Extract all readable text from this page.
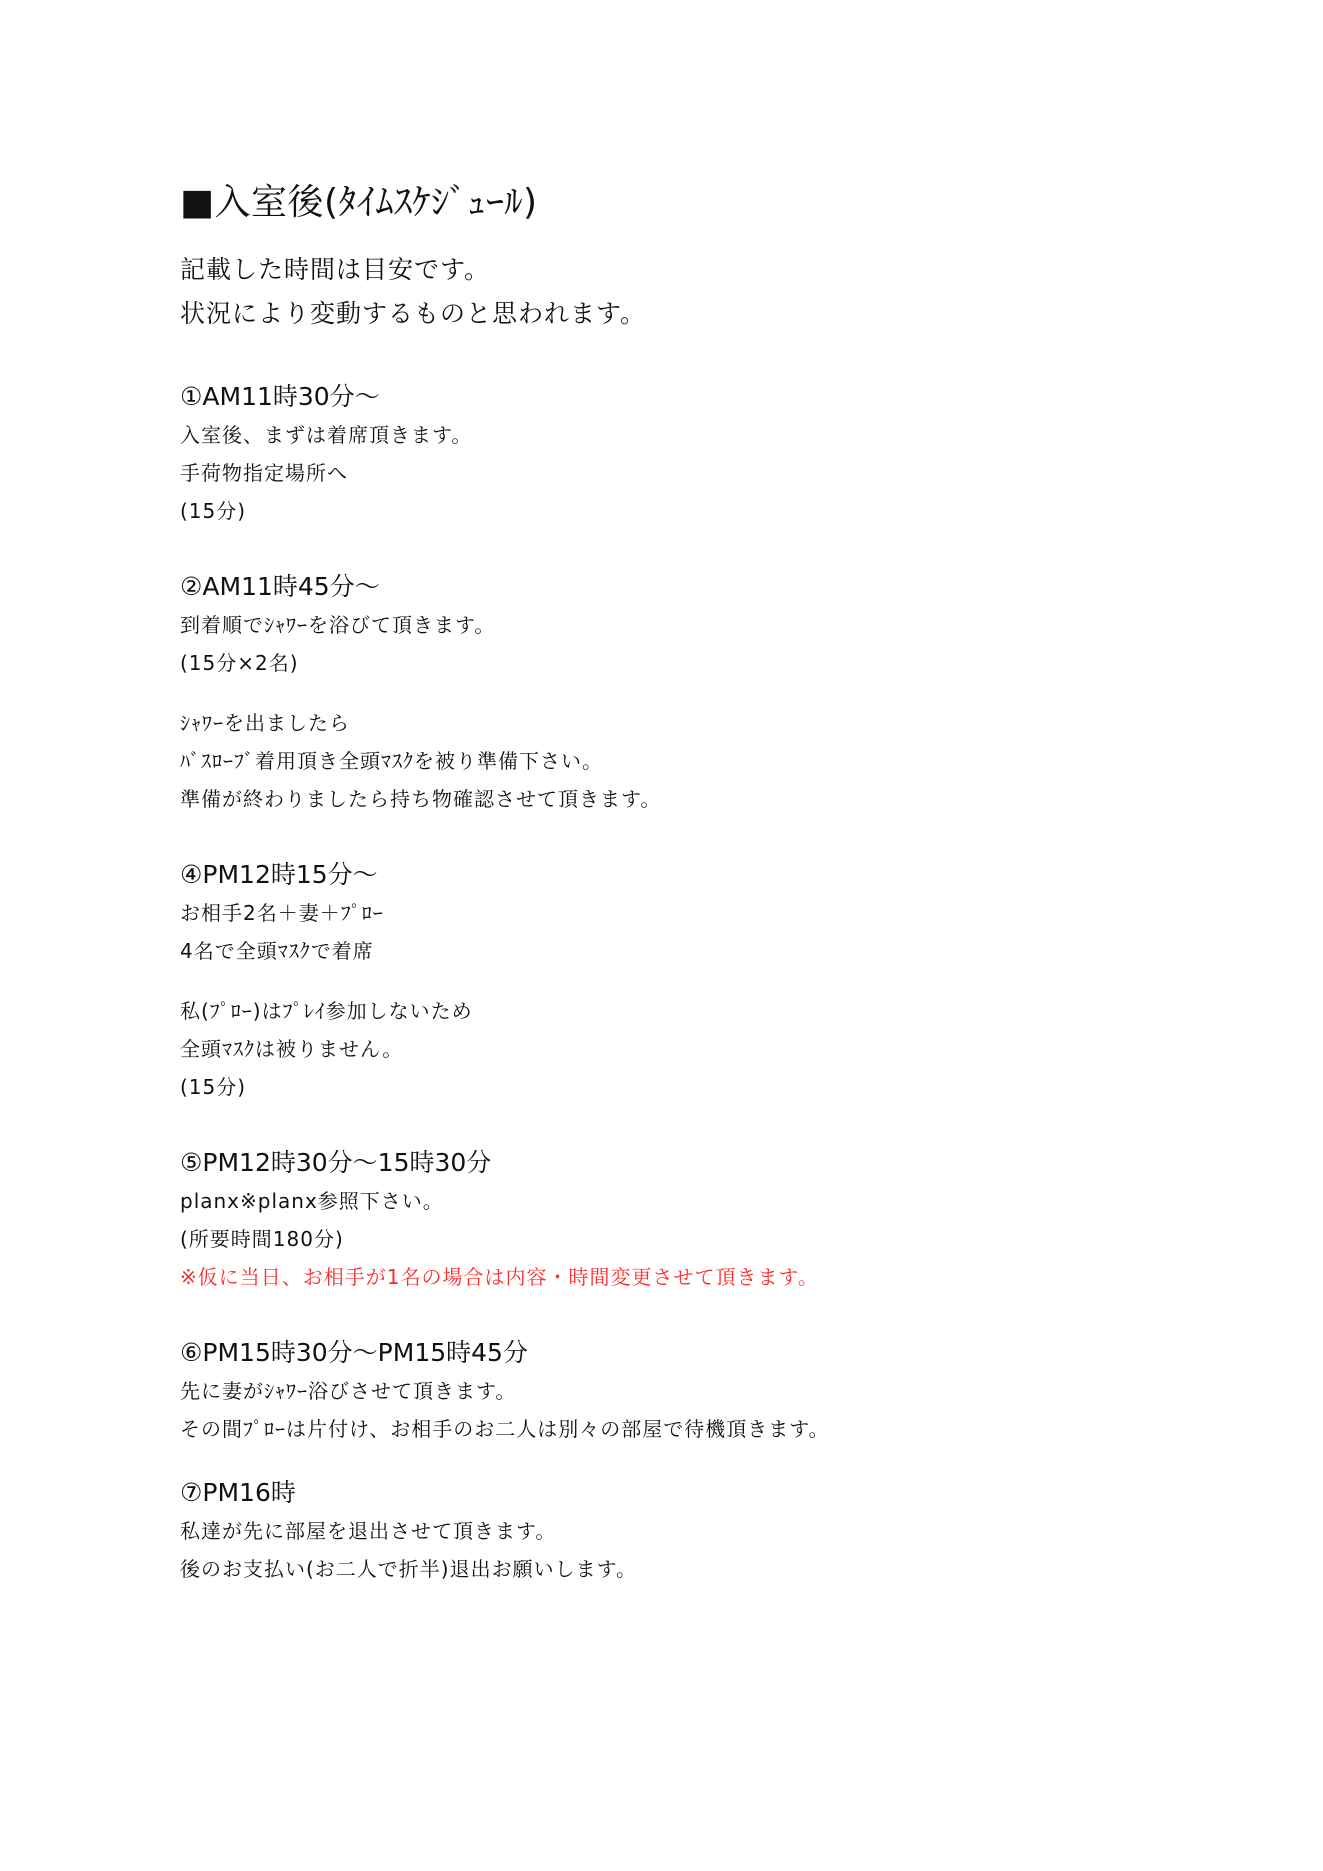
■入室後(ﾀｲﾑｽｹｼﾞｭｰﾙ)

記載した時間は目安です。

状況により変動するものと思われます。

①AM11時30分～

入室後、まずは着席頂きます。

手荷物指定場所へ

(15分)

②AM11時45分～

到着順でｼｬﾜｰを浴びて頂きます。

(15分×2名)

ｼｬﾜｰを出ましたら

ﾊﾞｽﾛｰﾌﾞ着用頂き全頭ﾏｽｸを被り準備下さい。

準備が終わりましたら持ち物確認させて頂きます。

④PM12時15分～

お相手2名＋妻＋ﾌﾟﾛｰ

4名で全頭ﾏｽｸで着席

私(ﾌﾟﾛｰ)はﾌﾟﾚｲ参加しないため

全頭ﾏｽｸは被りません。

(15分)

⑤PM12時30分～15時30分

planx※planx参照下さい。

(所要時間180分)

※仮に当日、お相手が1名の場合は内容・時間変更させて頂きます。

⑥PM15時30分～PM15時45分

先に妻がｼｬﾜｰ浴びさせて頂きます。

その間ﾌﾟﾛｰは片付け、お相手のお二人は別々の部屋で待機頂きます。

⑦PM16時

私達が先に部屋を退出させて頂きます。

後のお支払い(お二人で折半)退出お願いします。
